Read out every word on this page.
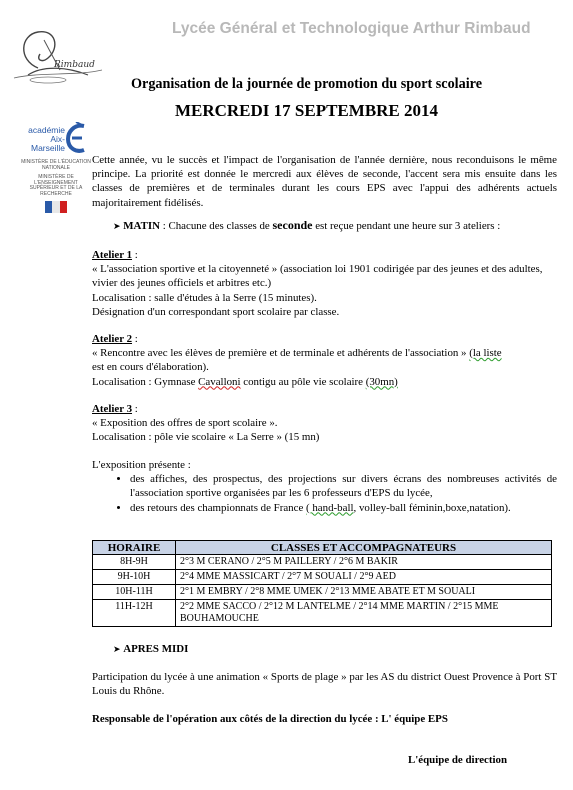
Lycée Général et Technologique Arthur Rimbaud
Rimbaud
Organisation de la journée de promotion du sport scolaire
MERCREDI 17 SEPTEMBRE 2014
académie
Aix-Marseille
MINISTÈRE DE L'ÉDUCATION NATIONALE
MINISTÈRE DE L'ENSEIGNEMENT SUPÉRIEUR ET DE LA RECHERCHE
Cette année, vu le succès et l'impact de l'organisation de l'année dernière, nous reconduisons le même principe. La priorité est donnée le mercredi aux élèves de seconde, l'accent sera mis ensuite dans les classes de premières et de terminales durant les cours EPS avec l'appui des adhérents actuels majoritairement fidélisés.
➤ MATIN : Chacune des classes de seconde est reçue pendant une heure sur 3 ateliers :
Atelier 1 :
« L'association sportive et la citoyenneté » (association loi 1901 codirigée par des jeunes et des adultes, vivier des jeunes officiels et arbitres etc.)
Localisation : salle d'études à la Serre (15 minutes).
Désignation d'un correspondant sport scolaire par classe.
Atelier 2 :
« Rencontre avec les élèves de première et de terminale et adhérents de l'association » (la liste
est en cours d'élaboration).
Localisation : Gymnase Cavalloni contigu au pôle vie scolaire (30mn)
Atelier 3 :
« Exposition des offres de sport scolaire ».
Localisation : pôle vie scolaire « La Serre » (15 mn)
L'exposition présente :
• des affiches, des prospectus, des projections sur divers écrans des nombreuses activités de l'association sportive organisées par les 6 professeurs d'EPS du lycée,
• des retours des championnats de France ( hand-ball, volley-ball féminin,boxe,natation).
HORAIRE	CLASSES ET ACCOMPAGNATEURS
8H-9H	2°3 M CERANO / 2°5 M PAILLERY / 2°6 M BAKIR
9H-10H	2°4 MME MASSICART / 2°7 M SOUALI / 2°9 AED
10H-11H	2°1 M EMBRY / 2°8 MME UMEK / 2°13 MME ABATE ET M SOUALI
11H-12H	2°2 MME SACCO / 2°12 M LANTELME / 2°14 MME MARTIN / 2°15 MME BOUHAMOUCHE
➤ APRES MIDI
Participation du lycée à une animation « Sports de plage » par les AS du district Ouest Provence à Port ST Louis du Rhône.
Responsable de l'opération aux côtés de la direction du lycée : L' équipe EPS
L'équipe de direction
